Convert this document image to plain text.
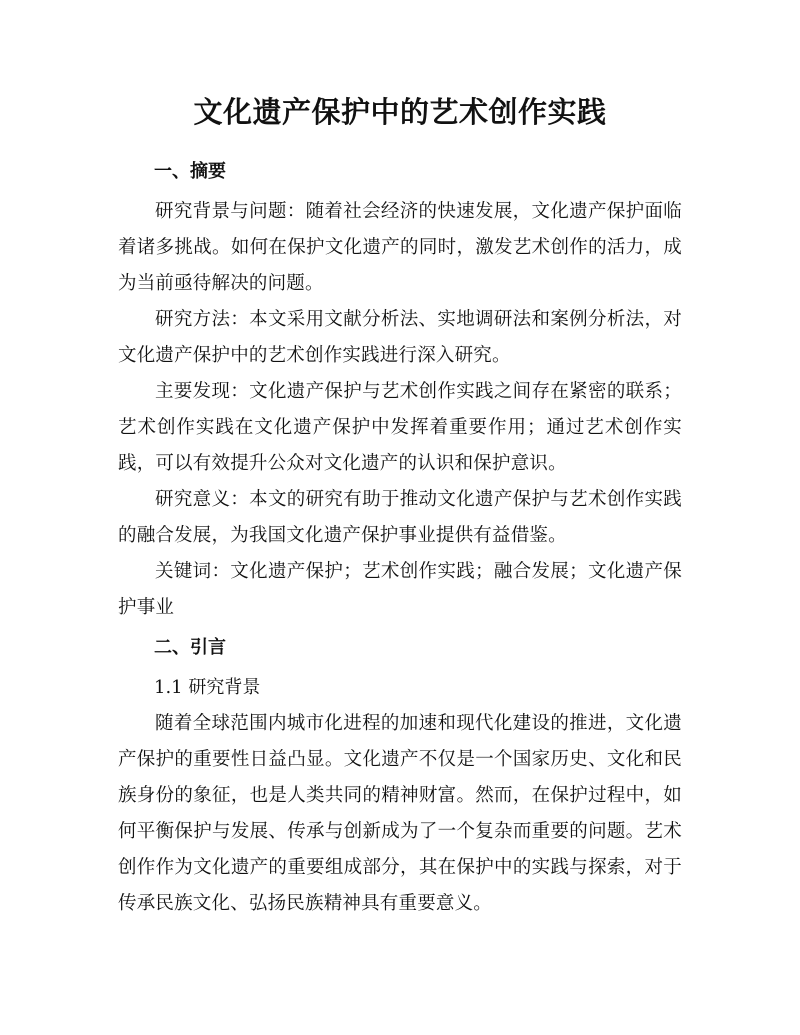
文化遗产保护中的艺术创作实践
一、摘要

研究背景与问题：随着社会经济的快速发展，文化遗产保护面临着诸多挑战。如何在保护文化遗产的同时，激发艺术创作的活力，成为当前亟待解决的问题。

研究方法：本文采用文献分析法、实地调研法和案例分析法，对文化遗产保护中的艺术创作实践进行深入研究。

主要发现：文化遗产保护与艺术创作实践之间存在紧密的联系；艺术创作实践在文化遗产保护中发挥着重要作用；通过艺术创作实践，可以有效提升公众对文化遗产的认识和保护意识。

研究意义：本文的研究有助于推动文化遗产保护与艺术创作实践的融合发展，为我国文化遗产保护事业提供有益借鉴。

关键词：文化遗产保护；艺术创作实践；融合发展；文化遗产保护事业

二、引言
1.1 研究背景

随着全球范围内城市化进程的加速和现代化建设的推进，文化遗产保护的重要性日益凸显。文化遗产不仅是一个国家历史、文化和民族身份的象征，也是人类共同的精神财富。然而，在保护过程中，如何平衡保护与发展、传承与创新成为了一个复杂而重要的问题。艺术创作作为文化遗产的重要组成部分，其在保护中的实践与探索，对于传承民族文化、弘扬民族精神具有重要意义。
